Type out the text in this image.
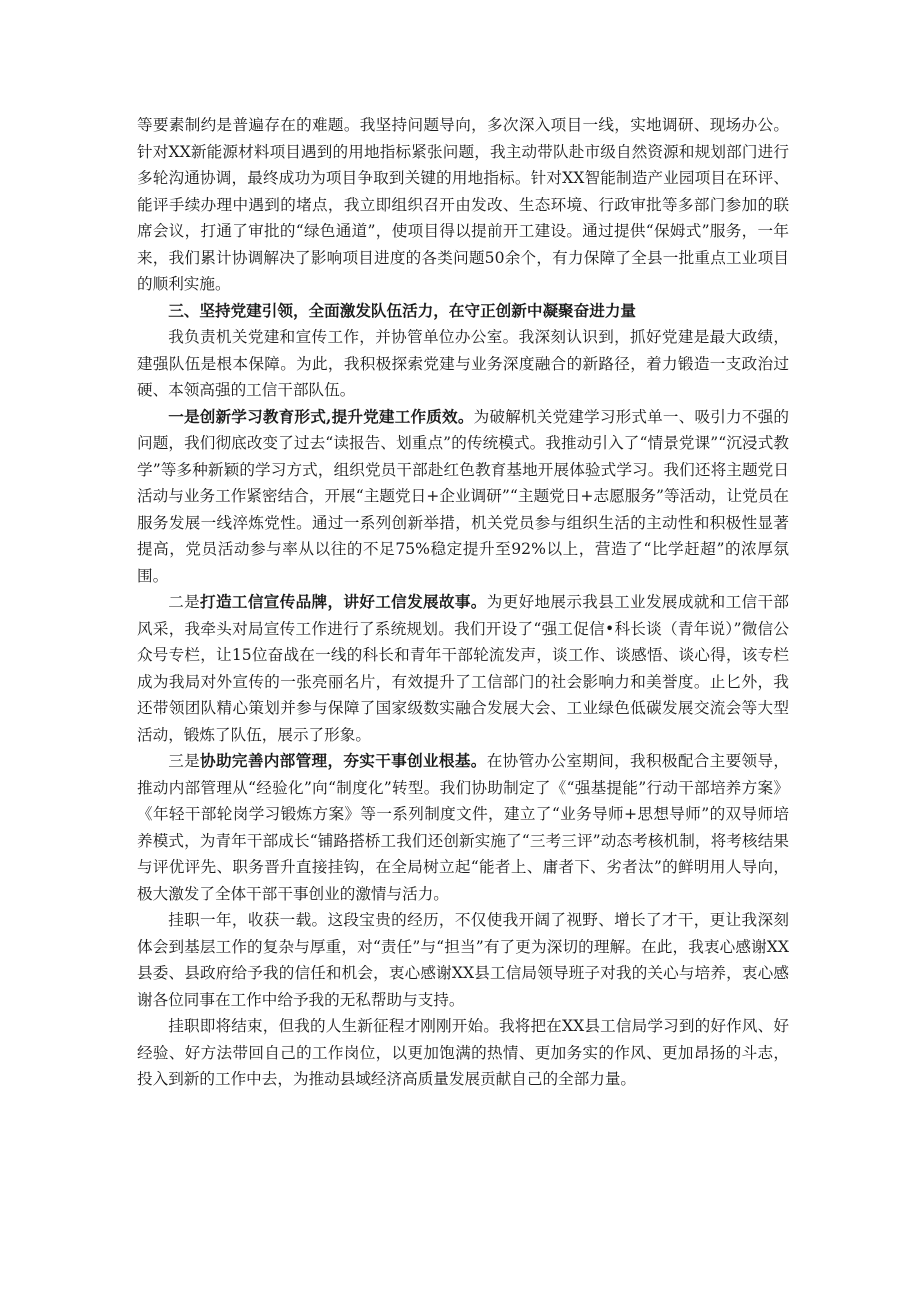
等要素制约是普遍存在的难题。我坚持问题导向，多次深入项目一线，实地调研、现场办公。针对XX新能源材料项目遇到的用地指标紧张问题，我主动带队赴市级自然资源和规划部门进行多轮沟通协调，最终成功为项目争取到关键的用地指标。针对XX智能制造产业园项目在环评、能评手续办理中遇到的堵点，我立即组织召开由发改、生态环境、行政审批等多部门参加的联席会议，打通了审批的“绿色通道”，使项目得以提前开工建设。通过提供“保姆式”服务，一年来，我们累计协调解决了影响项目进度的各类问题50余个，有力保障了全县一批重点工业项目的顺利实施。

三、坚持党建引领，全面激发队伍活力，在守正创新中凝聚奋进力量

我负责机关党建和宣传工作，并协管单位办公室。我深刻认识到，抓好党建是最大政绩，建强队伍是根本保障。为此，我积极探索党建与业务深度融合的新路径，着力锻造一支政治过硬、本领高强的工信干部队伍。

一是创新学习教育形式,提升党建工作质效。为破解机关党建学习形式单一、吸引力不强的问题，我们彻底改变了过去“读报告、划重点”的传统模式。我推动引入了“情景党课”“沉浸式教学”等多种新颖的学习方式，组织党员干部赴红色教育基地开展体验式学习。我们还将主题党日活动与业务工作紧密结合，开展“主题党日+企业调研”“主题党日+志愿服务”等活动，让党员在服务发展一线淬炼党性。通过一系列创新举措，机关党员参与组织生活的主动性和积极性显著提高，党员活动参与率从以往的不足75%稳定提升至92%以上，营造了“比学赶超”的浓厚氛围。

二是打造工信宣传品牌，讲好工信发展故事。为更好地展示我县工业发展成就和工信干部风采，我牵头对局宣传工作进行了系统规划。我们开设了“强工促信•科长谈（青年说）”微信公众号专栏，让15位奋战在一线的科长和青年干部轮流发声，谈工作、谈感悟、谈心得，该专栏成为我局对外宣传的一张亮丽名片，有效提升了工信部门的社会影响力和美誉度。止匕外，我还带领团队精心策划并参与保障了国家级数实融合发展大会、工业绿色低碳发展交流会等大型活动，锻炼了队伍，展示了形象。

三是协助完善内部管理，夯实干事创业根基。在协管办公室期间，我积极配合主要领导，推动内部管理从“经验化”向“制度化”转型。我们协助制定了《“强基提能”行动干部培养方案》《年轻干部轮岗学习锻炼方案》等一系列制度文件，建立了“业务导师+思想导师”的双导师培养模式，为青年干部成长“铺路搭桥工我们还创新实施了“三考三评”动态考核机制，将考核结果与评优评先、职务晋升直接挂钩，在全局树立起“能者上、庸者下、劣者汰”的鲜明用人导向，极大激发了全体干部干事创业的激情与活力。

挂职一年，收获一载。这段宝贵的经历，不仅使我开阔了视野、增长了才干，更让我深刻体会到基层工作的复杂与厚重，对“责任”与“担当”有了更为深切的理解。在此，我衷心感谢XX县委、县政府给予我的信任和机会，衷心感谢XX县工信局领导班子对我的关心与培养，衷心感谢各位同事在工作中给予我的无私帮助与支持。

挂职即将结束，但我的人生新征程才刚刚开始。我将把在XX县工信局学习到的好作风、好经验、好方法带回自己的工作岗位，以更加饱满的热情、更加务实的作风、更加昂扬的斗志，投入到新的工作中去，为推动县域经济高质量发展贡献自己的全部力量。
